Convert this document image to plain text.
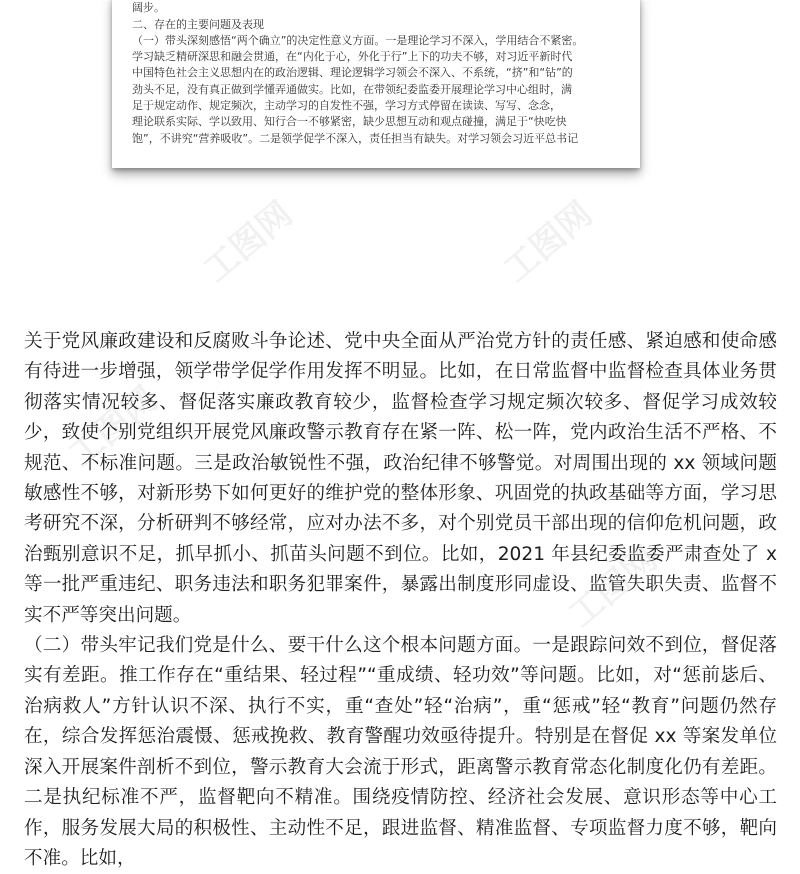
阔步。

二、存在的主要问题及表现

（一）带头深刻感悟“两个确立”的决定性意义方面。一是理论学习不深入，学用结合不紧密。

学习缺乏精研深思和融会贯通，在“内化于心，外化于行”上下的功夫不够，对习近平新时代

中国特色社会主义思想内在的政治逻辑、理论逻辑学习领会不深入、不系统，“挤”和“钻”的

劲头不足，没有真正做到学懂弄通做实。比如，在带领纪委监委开展理论学习中心组时，满

足于规定动作、规定频次，主动学习的自发性不强，学习方式停留在读读、写写、念念，

理论联系实际、学以致用、知行合一不够紧密，缺少思想互动和观点碰撞，满足于“快吃快

饱”，不讲究“营养吸收”。二是领学促学不深入，责任担当有缺失。对学习领会习近平总书记

工图网	工图网
工图网
工图网

关于党风廉政建设和反腐败斗争论述、党中央全面从严治党方针的责任感、紧迫感和使命感有待进一步增强，领学带学促学作用发挥不明显。比如，在日常监督中监督检查具体业务贯彻落实情况较多、督促落实廉政教育较少，监督检查学习规定频次较多、督促学习成效较少，致使个别党组织开展党风廉政警示教育存在紧一阵、松一阵，党内政治生活不严格、不规范、不标准问题。三是政治敏锐性不强，政治纪律不够警觉。对周围出现的 xx 领域问题敏感性不够，对新形势下如何更好的维护党的整体形象、巩固党的执政基础等方面，学习思考研究不深，分析研判不够经常，应对办法不多，对个别党员干部出现的信仰危机问题，政治甄别意识不足，抓早抓小、抓苗头问题不到位。比如，2021 年县纪委监委严肃查处了 x 等一批严重违纪、职务违法和职务犯罪案件，暴露出制度形同虚设、监管失职失责、监督不实不严等突出问题。

（二）带头牢记我们党是什么、要干什么这个根本问题方面。一是跟踪问效不到位，督促落实有差距。推工作存在“重结果、轻过程”“重成绩、轻功效”等问题。比如，对“惩前毖后、治病救人”方针认识不深、执行不实，重“查处”轻“治病”，重“惩戒”轻“教育”问题仍然存在，综合发挥惩治震慑、惩戒挽救、教育警醒功效亟待提升。特别是在督促 xx 等案发单位深入开展案件剖析不到位，警示教育大会流于形式，距离警示教育常态化制度化仍有差距。二是执纪标准不严，监督靶向不精准。围绕疫情防控、经济社会发展、意识形态等中心工作，服务发展大局的积极性、主动性不足，跟进监督、精准监督、专项监督力度不够，靶向不准。比如，
